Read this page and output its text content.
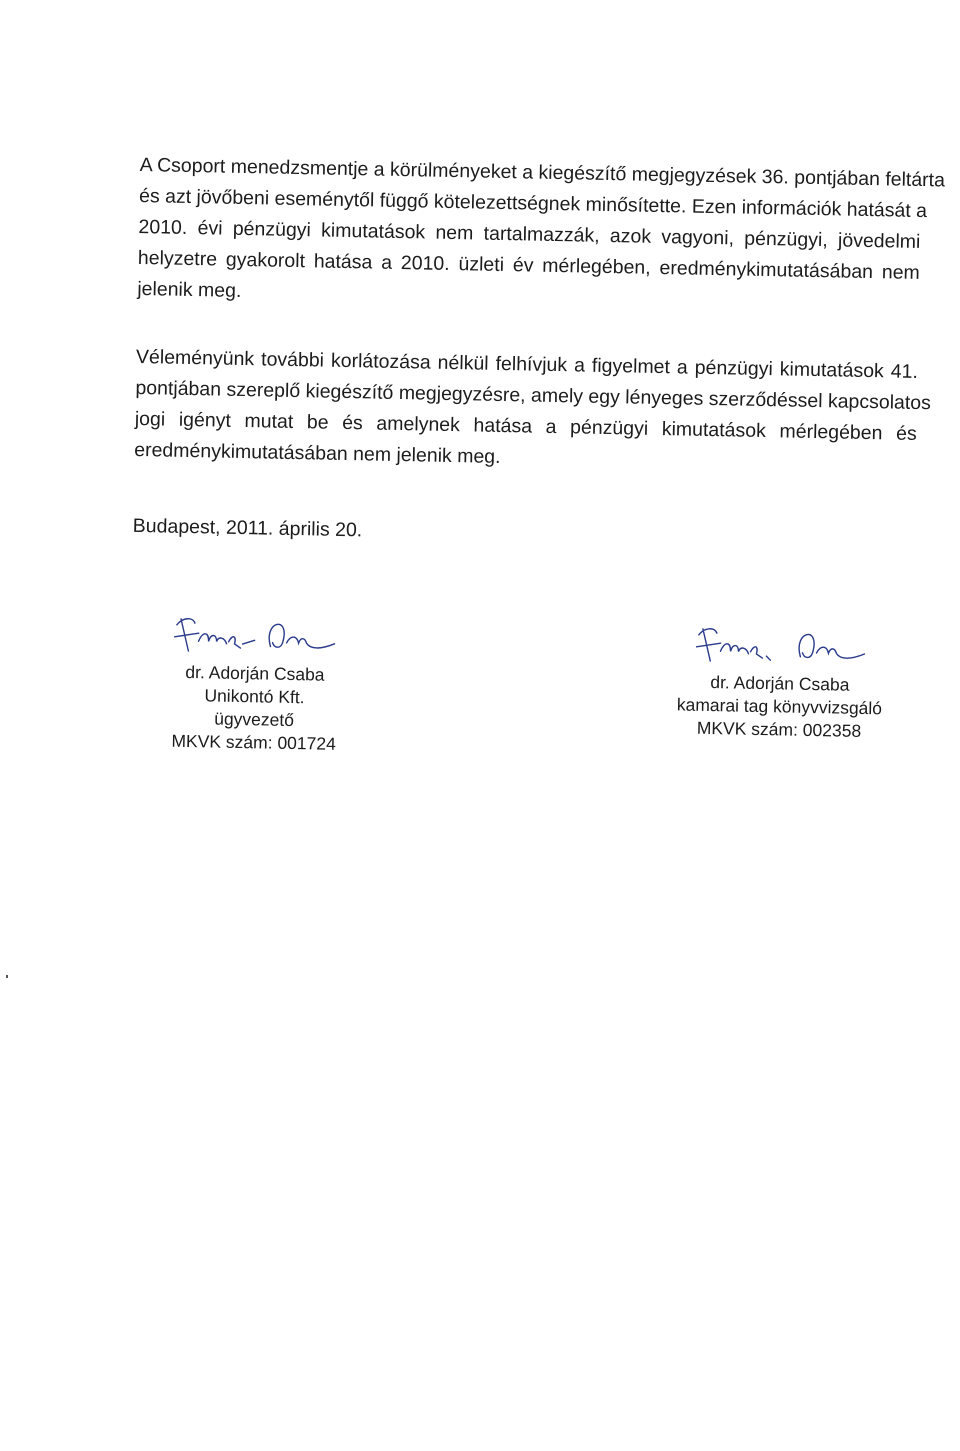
A Csoport menedzsmentje a körülményeket a kiegészítő megjegyzések 36. pontjában feltárta
és azt jövőbeni eseménytől függő kötelezettségnek minősítette. Ezen információk hatását a
2010. évi pénzügyi kimutatások nem tartalmazzák, azok vagyoni, pénzügyi, jövedelmi
helyzetre gyakorolt hatása a 2010. üzleti év mérlegében, eredménykimutatásában nem
jelenik meg.
Véleményünk további korlátozása nélkül felhívjuk a figyelmet a pénzügyi kimutatások 41.
pontjában szereplő kiegészítő megjegyzésre, amely egy lényeges szerződéssel kapcsolatos
jogi igényt mutat be és amelynek hatása a pénzügyi kimutatások mérlegében és
eredménykimutatásában nem jelenik meg.
Budapest, 2011. április 20.
dr. Adorján Csaba
Unikontó Kft.
ügyvezető
MKVK szám: 001724
dr. Adorján Csaba
kamarai tag könyvvizsgáló
MKVK szám: 002358
